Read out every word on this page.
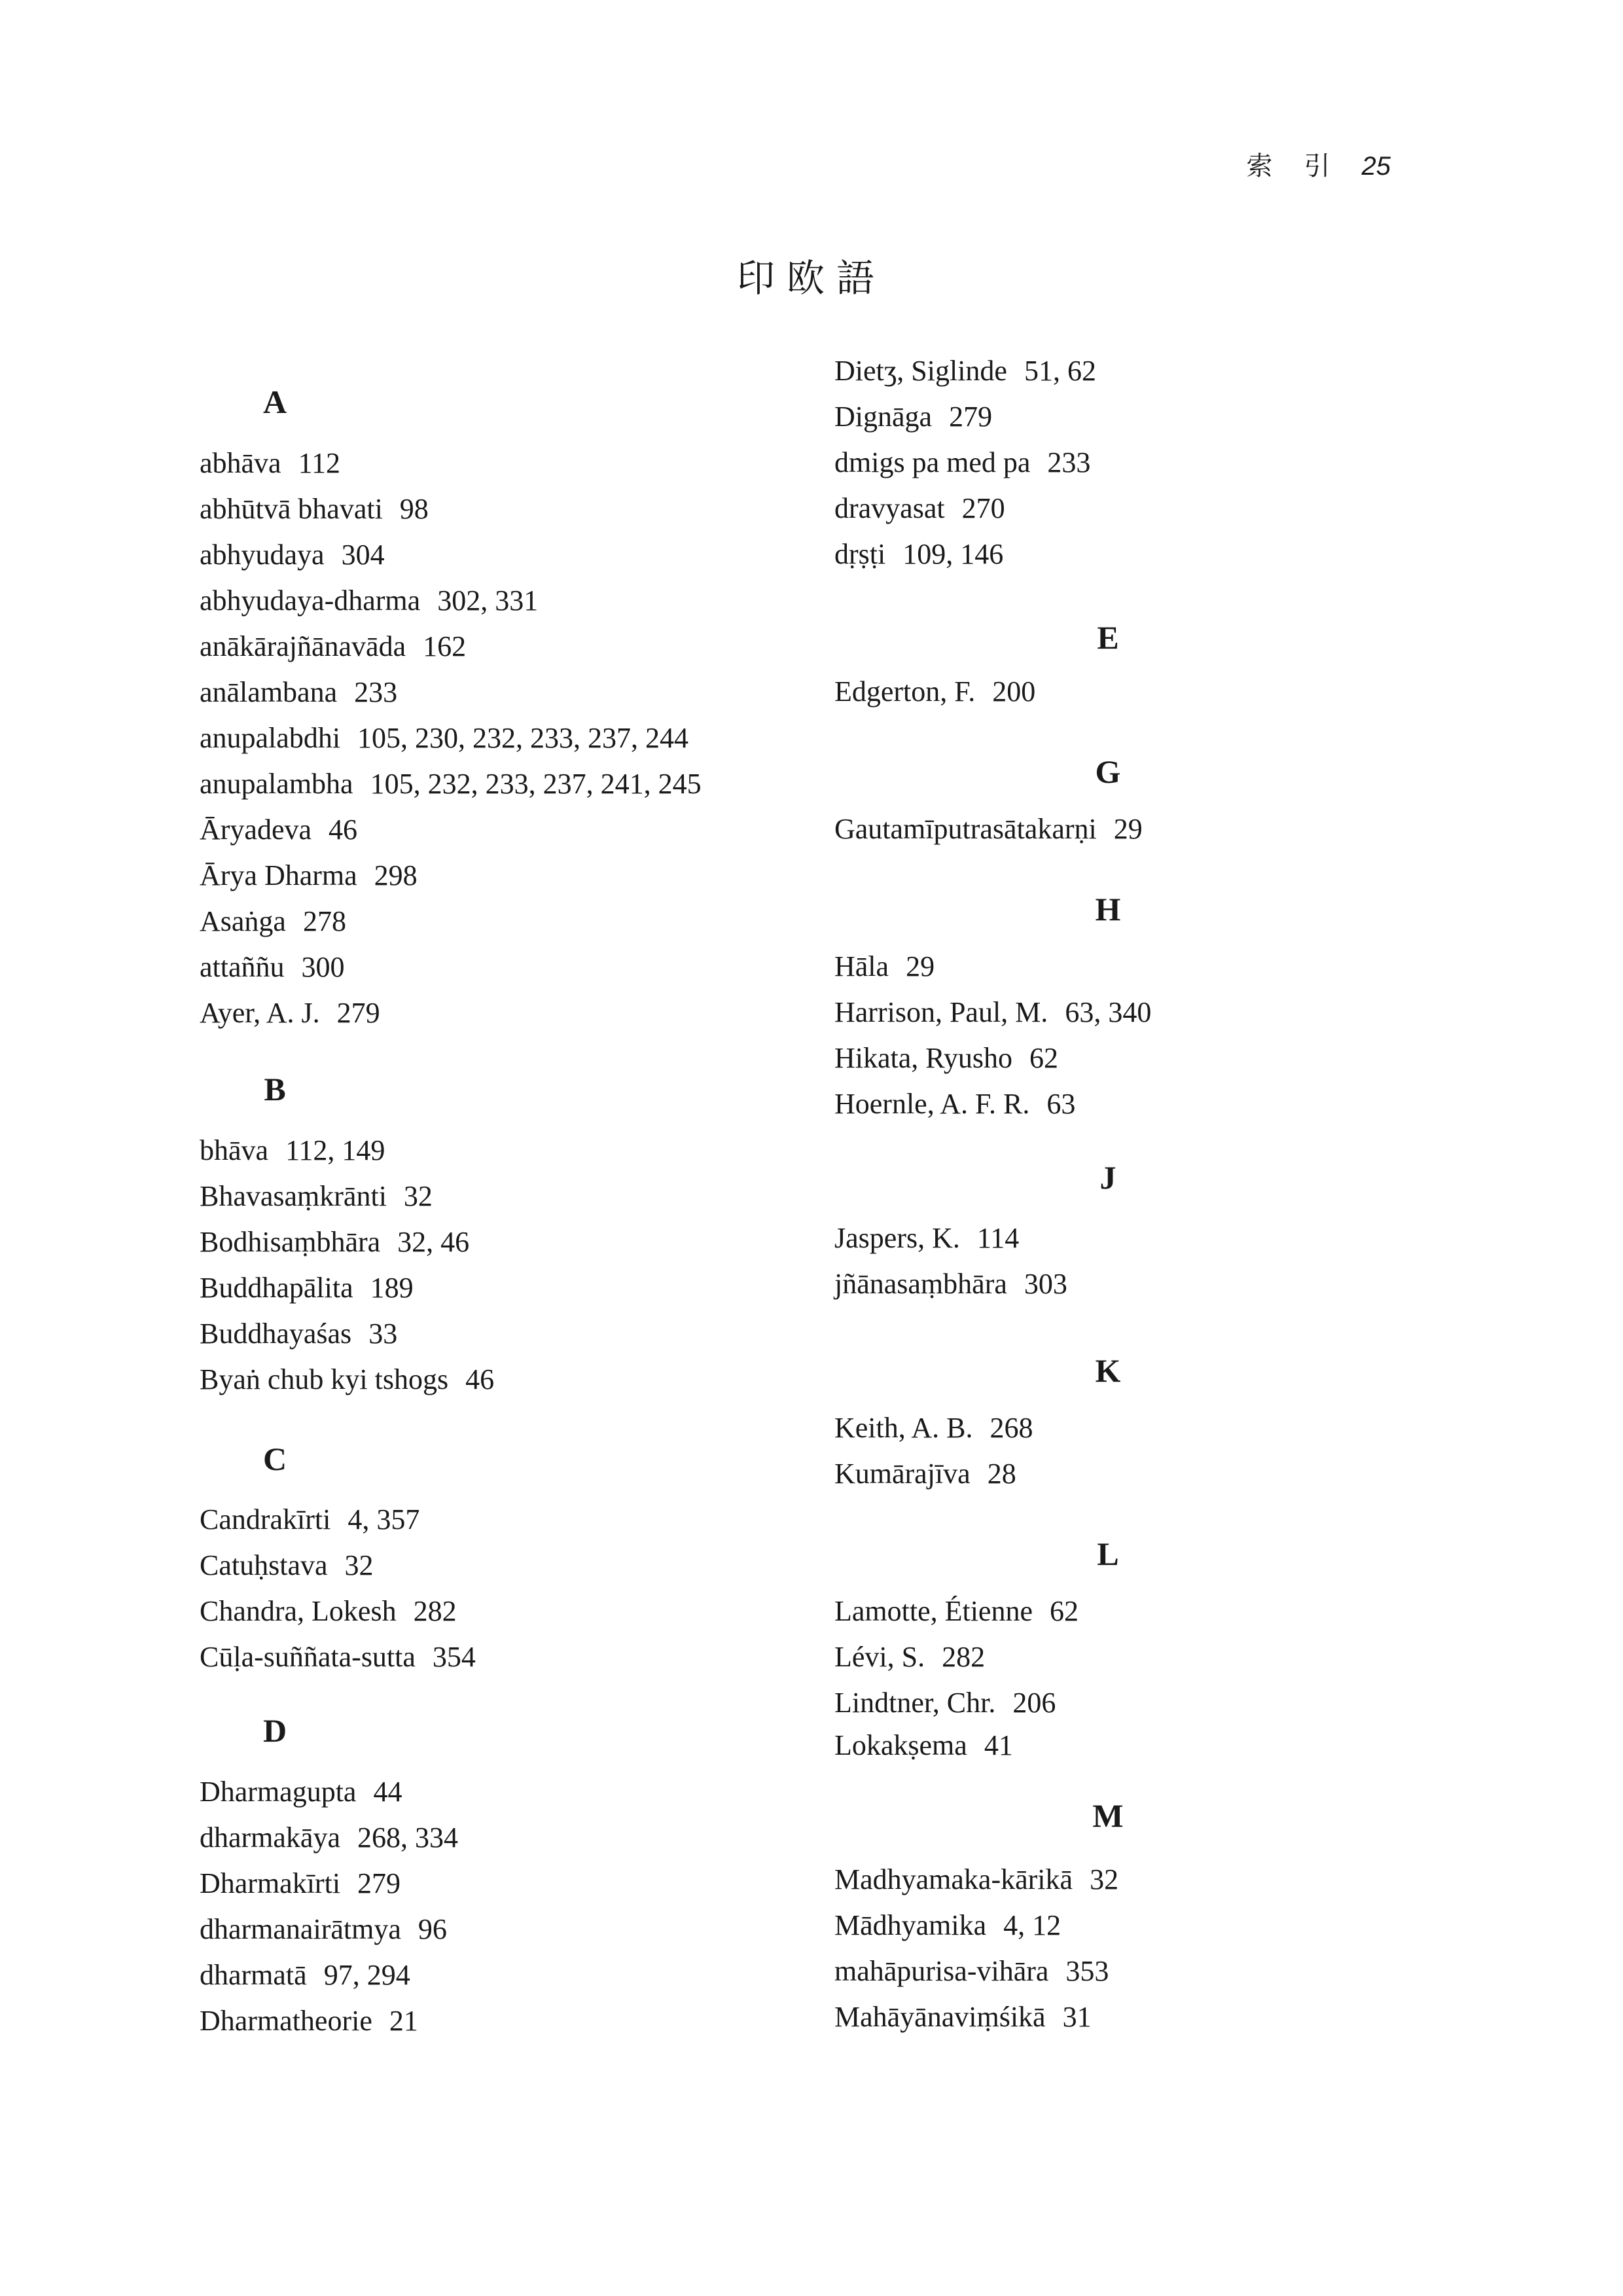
索 引 25
印欧語
A
abhāva 112
abhūtvā bhavati 98
abhyudaya 304
abhyudaya-dharma 302, 331
anākārajñānavāda 162
anālambana 233
anupalabdhi 105, 230, 232, 233, 237, 244
anupalambha 105, 232, 233, 237, 241, 245
Āryadeva 46
Ārya Dharma 298
Asaṅga 278
attaññu 300
Ayer, A. J. 279
B
bhāva 112, 149
Bhavasaṃkrānti 32
Bodhisaṃbhāra 32, 46
Buddhapālita 189
Buddhayaśas 33
Byaṅ chub kyi tshogs 46
C
Candrakīrti 4, 357
Catuḥstava 32
Chandra, Lokesh 282
Cūḷa-suññata-sutta 354
D
Dharmagupta 44
dharmakāya 268, 334
Dharmakīrti 279
dharmanairātmya 96
dharmatā 97, 294
Dharmatheorie 21
Dietʒ, Siglinde 51, 62
Dignāga 279
dmigs pa med pa 233
dravyasat 270
dṛṣṭi 109, 146
E
Edgerton, F. 200
G
Gautamīputrasātakarṇi 29
H
Hāla 29
Harrison, Paul, M. 63, 340
Hikata, Ryusho 62
Hoernle, A. F. R. 63
J
Jaspers, K. 114
jñānasaṃbhāra 303
K
Keith, A. B. 268
Kumārajīva 28
L
Lamotte, Étienne 62
Lévi, S. 282
Lindtner, Chr. 206
Lokakṣema 41
M
Madhyamaka-kārikā 32
Mādhyamika 4, 12
mahāpurisa-vihāra 353
Mahāyānaviṃśikā 31
